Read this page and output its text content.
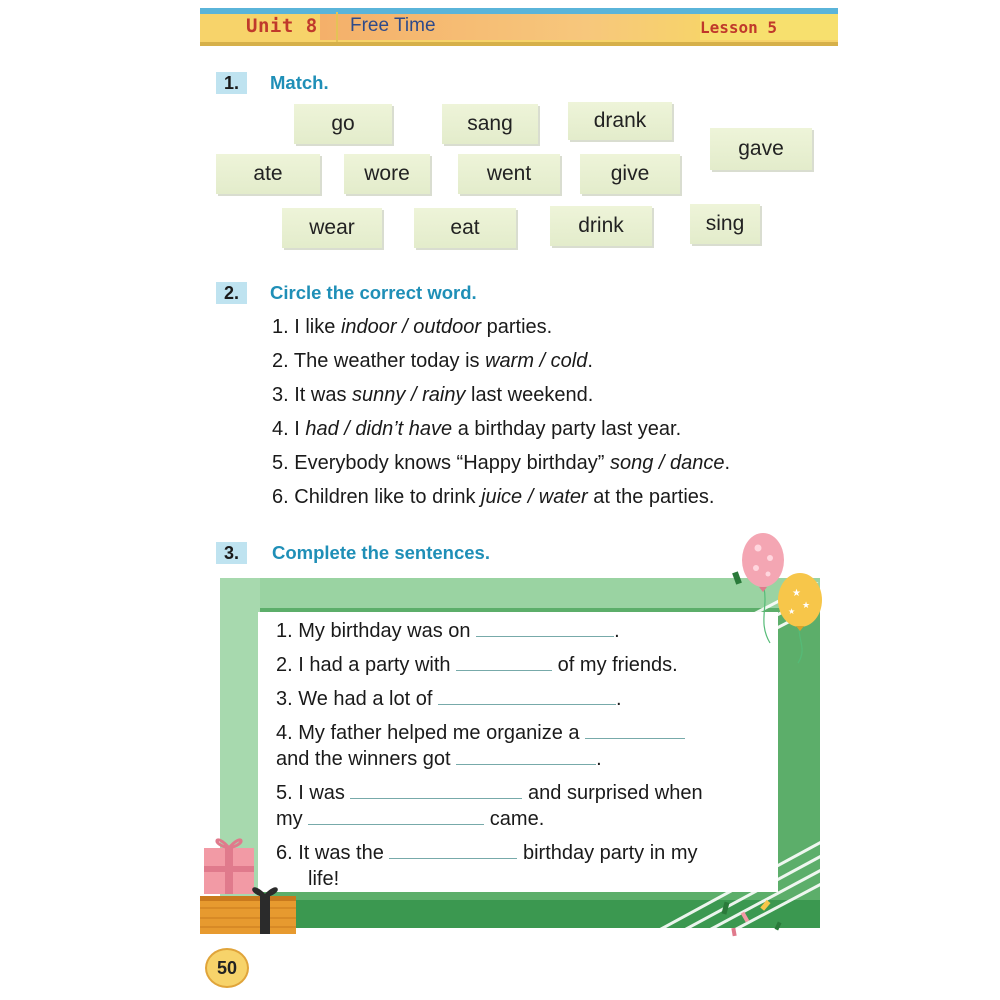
Unit 8 Free Time	Lesson 5
1.	Match.
go	sang	drank
gave
ate	wore	went	give
wear	eat	drink	sing
2.	Circle the correct word.
1. I like indoor / outdoor parties.
2. The weather today is warm / cold.
3. It was sunny / rainy last weekend.
4. I had / didn’t have a birthday party last year.
5. Everybody knows “Happy birthday” song / dance.
6. Children like to drink juice / water at the parties.
3.	Complete the sentences.
1. My birthday was on	.
2. I had a party with	of my friends.
3. We had a lot of	.
4. My father helped me organize a
and the winners got	.
5. I was	and surprised when
my	came.
6. It was the	birthday party in my
life!
★
★
★
50
